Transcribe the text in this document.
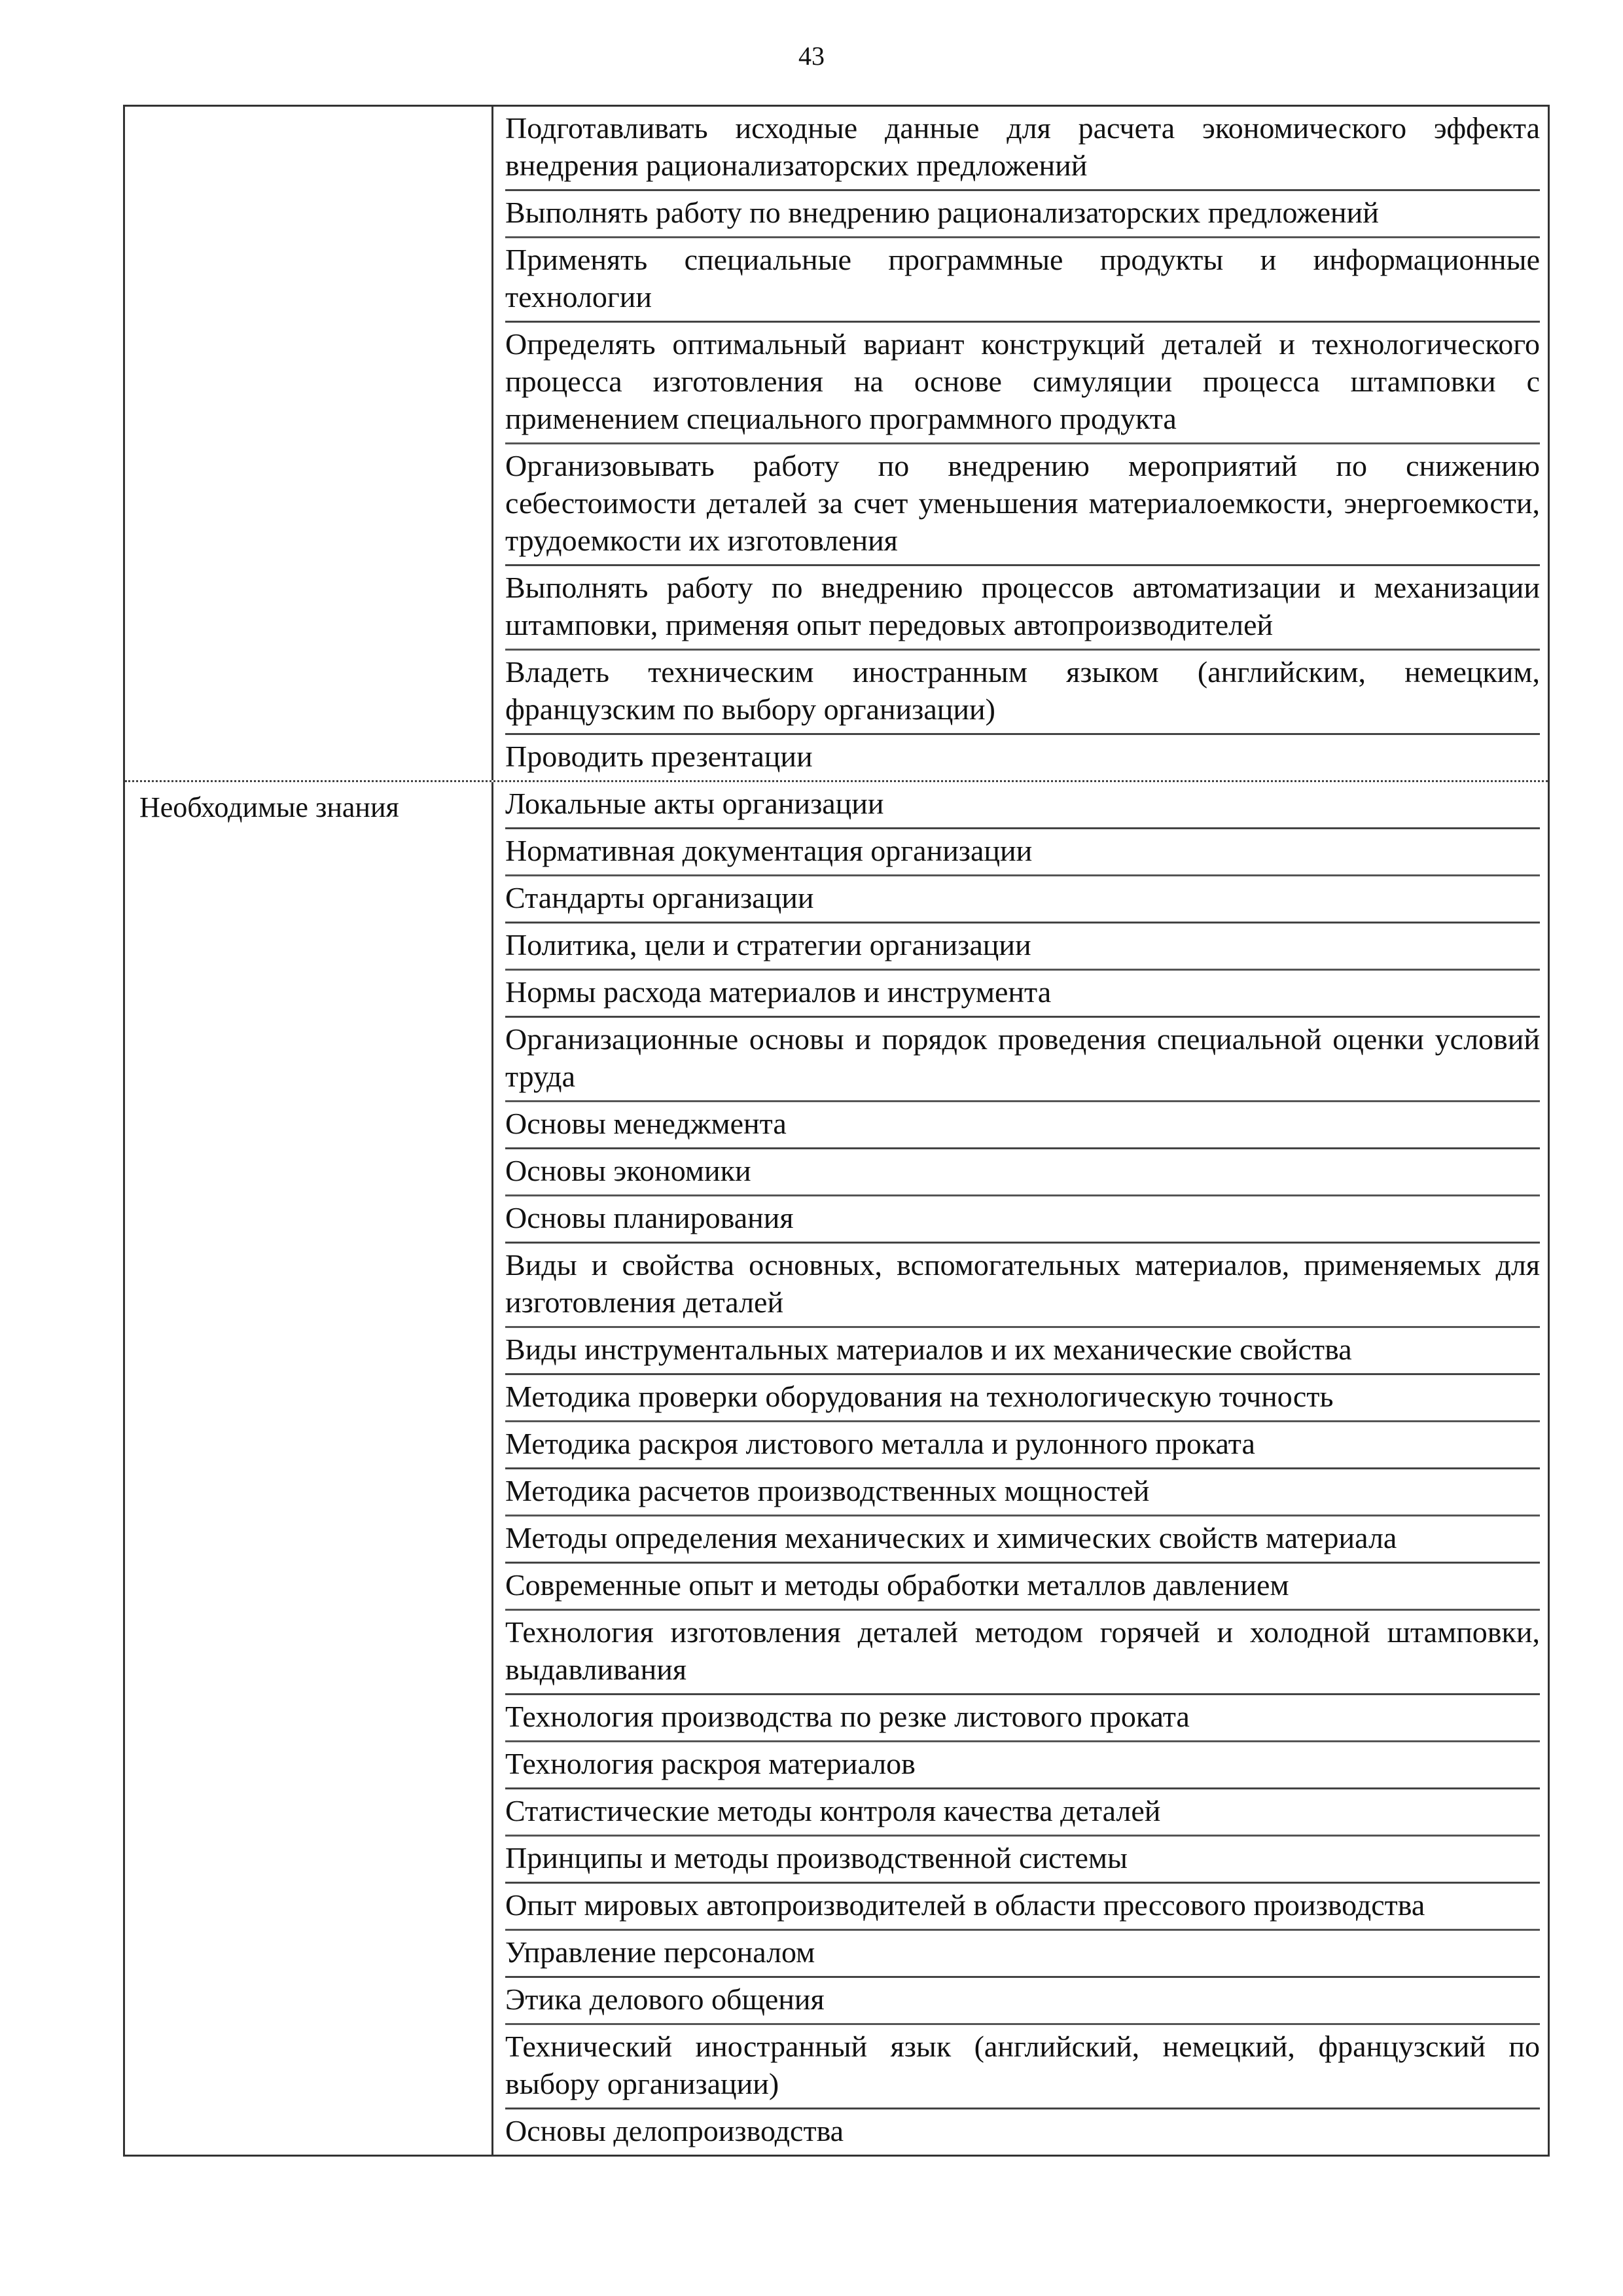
43
Подготавливать исходные данные для расчета экономического эффекта внедрения рационализаторских предложений
Выполнять работу по внедрению рационализаторских предложений
Применять специальные программные продукты и информационные технологии
Определять оптимальный вариант конструкций деталей и технологического процесса изготовления на основе симуляции процесса штамповки с применением специального программного продукта
Организовывать работу по внедрению мероприятий по снижению себестоимости деталей за счет уменьшения материалоемкости, энергоемкости, трудоемкости их изготовления
Выполнять работу по внедрению процессов автоматизации и механизации штамповки, применяя опыт передовых автопроизводителей
Владеть техническим иностранным языком (английским, немецким, французским по выбору организации)
Проводить презентации
Необходимые знания	Локальные акты организации
Нормативная документация организации
Стандарты организации
Политика, цели и стратегии организации
Нормы расхода материалов и инструмента
Организационные основы и порядок проведения специальной оценки условий труда
Основы менеджмента
Основы экономики
Основы планирования
Виды и свойства основных, вспомогательных материалов, применяемых для изготовления деталей
Виды инструментальных материалов и их механические свойства
Методика проверки оборудования на технологическую точность
Методика раскроя листового металла и рулонного проката
Методика расчетов производственных мощностей
Методы определения механических и химических свойств материала
Современные опыт и методы обработки металлов давлением
Технология изготовления деталей методом горячей и холодной штамповки, выдавливания
Технология производства по резке листового проката
Технология раскроя материалов
Статистические методы контроля качества деталей
Принципы и методы производственной системы
Опыт мировых автопроизводителей в области прессового производства
Управление персоналом
Этика делового общения
Технический иностранный язык (английский, немецкий, французский по выбору организации)
Основы делопроизводства
